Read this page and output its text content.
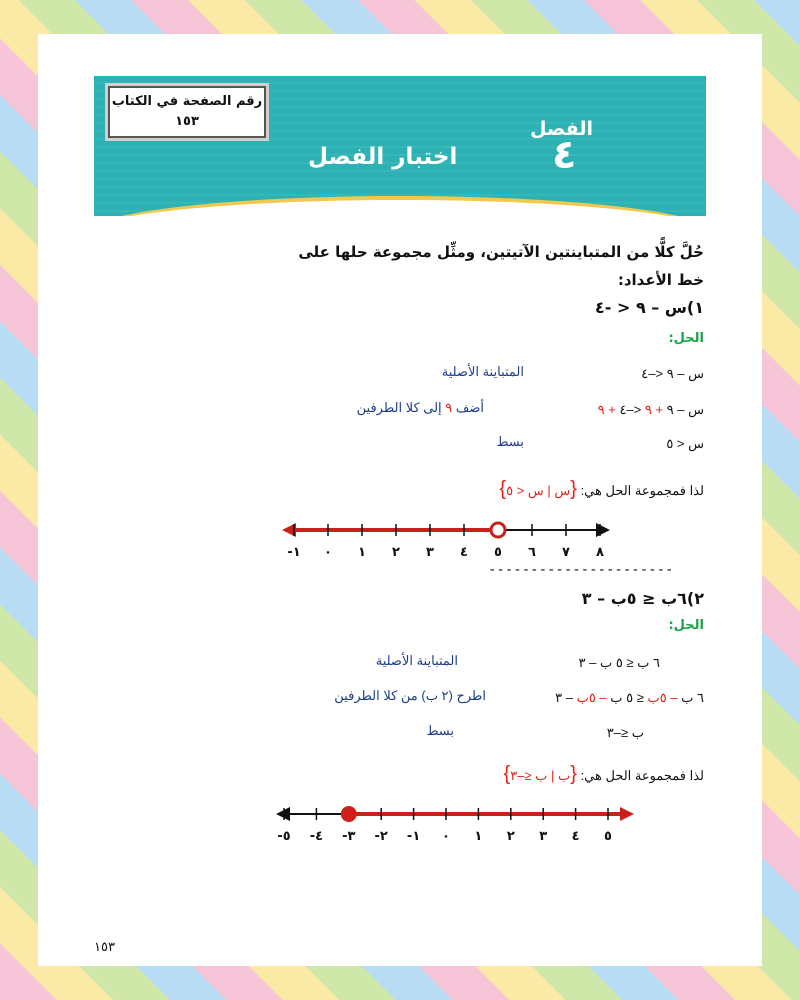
رقم الصفحة في الكتاب
١٥٣	الفصل
٤
اختبار الفصل
حُلَّ كلًّا من المتباينتين الآتيتين، ومثِّل مجموعة حلها على خط الأعداد:
١)س – ٩ < -٤
الحل:
س – ٩ <–٤
المتباينة الأصلية
س – ٩ + ٩ <–٤ + ٩
أضف ٩ إلى كلا الطرفين
س < ٥
بسط
لذا فمجموعة الحل هي: {س | س < ٥}
-١ ٠ ١ ٢ ٣ ٤ ٥ ٦ ٧ ٨
----------------------
٢)٦ب ≤ ٥ب – ٣
الحل:
٦ ب ≤ ٥ ب – ٣
المتباينة الأصلية
٦ ب – ٥ب ≤ ٥ ب – ٥ب – ٣
اطرح (٢ ب) من كلا الطرفين
ب ≤–٣
بسط
لذا فمجموعة الحل هي: {ب | ب ≤–٣}
-٥ -٤ -٣ -٢ -١ ٠ ١ ٢ ٣ ٤ ٥
١٥٣
